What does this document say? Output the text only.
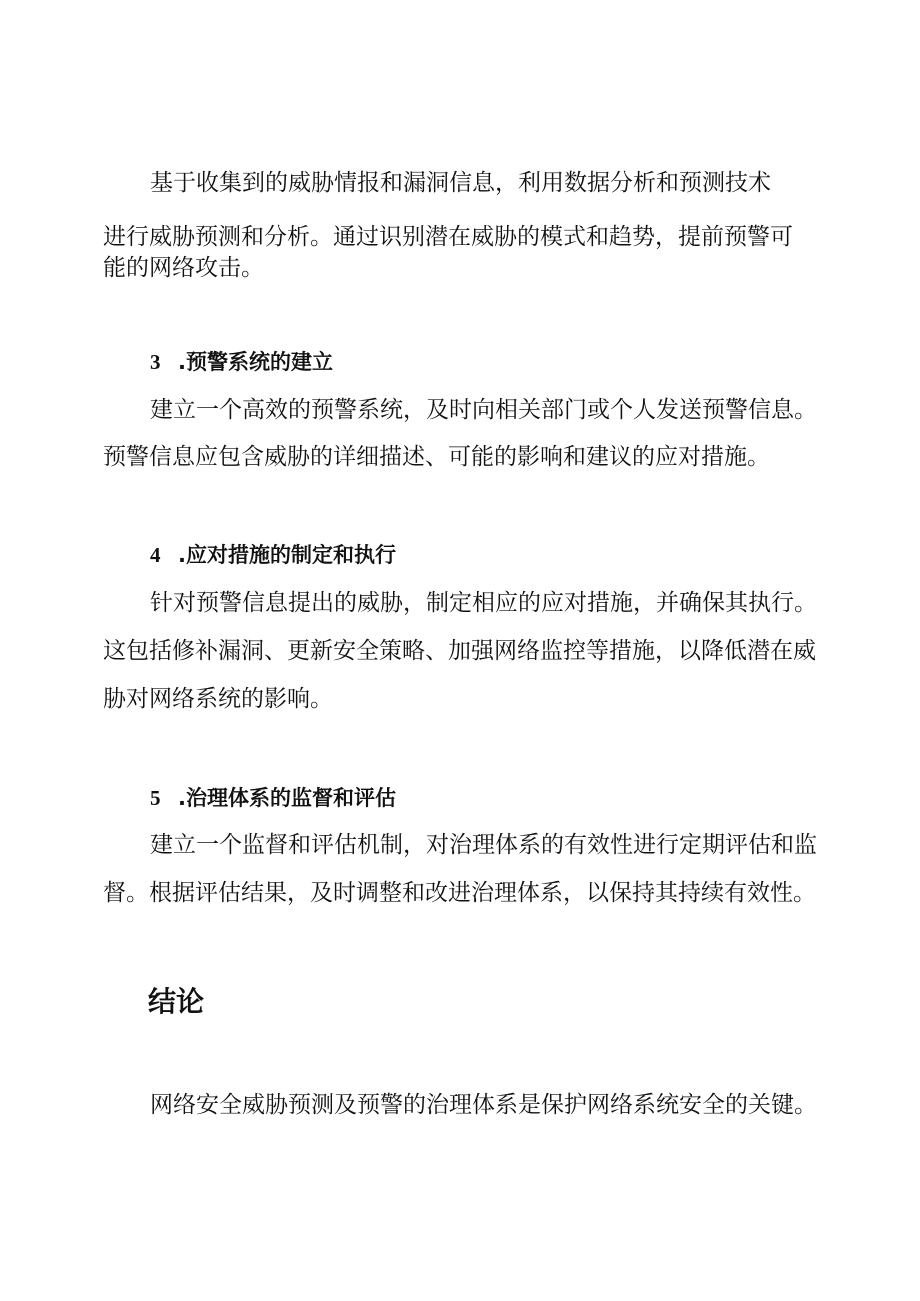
基于收集到的威胁情报和漏洞信息，利用数据分析和预测技术

进行威胁预测和分析。通过识别潜在威胁的模式和趋势，提前预警可

能的网络攻击。

3 .预警系统的建立

建立一个高效的预警系统，及时向相关部门或个人发送预警信息。

预警信息应包含威胁的详细描述、可能的影响和建议的应对措施。

4 .应对措施的制定和执行

针对预警信息提出的威胁，制定相应的应对措施，并确保其执行。

这包括修补漏洞、更新安全策略、加强网络监控等措施，以降低潜在威

胁对网络系统的影响。

5 .治理体系的监督和评估

建立一个监督和评估机制，对治理体系的有效性进行定期评估和监

督。根据评估结果，及时调整和改进治理体系，以保持其持续有效性。

结论

网络安全威胁预测及预警的治理体系是保护网络系统安全的关键。
